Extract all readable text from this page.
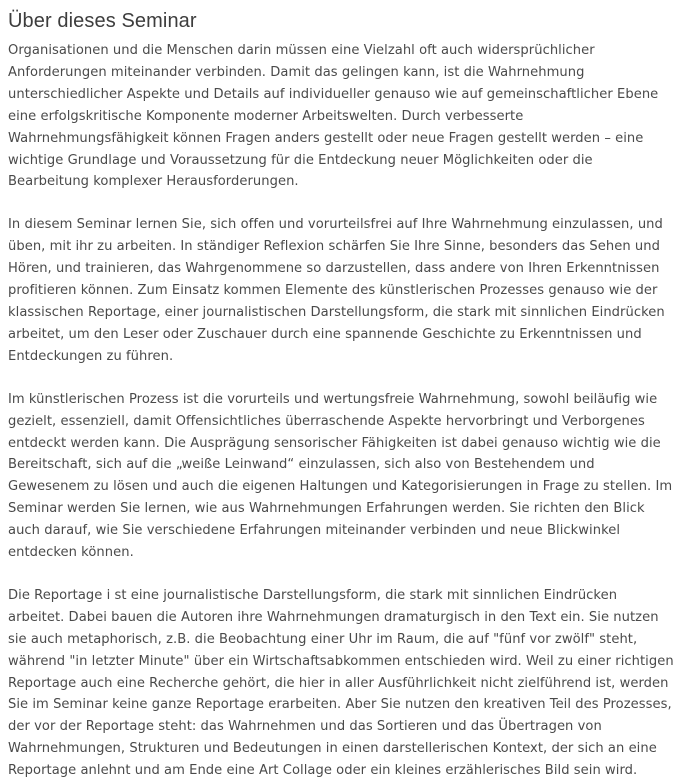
Über dieses Seminar

Organisationen und die Menschen darin müssen eine Vielzahl oft auch widersprüchlicher Anforderungen miteinander verbinden. Damit das gelingen kann, ist die Wahrnehmung unterschiedlicher Aspekte und Details auf individueller genauso wie auf gemeinschaftlicher Ebene eine erfolgskritische Komponente moderner Arbeitswelten. Durch verbesserte Wahrnehmungsfähigkeit können Fragen anders gestellt oder neue Fragen gestellt werden – eine wichtige Grundlage und Voraussetzung für die Entdeckung neuer Möglichkeiten oder die Bearbeitung komplexer Herausforderungen.

In diesem Seminar lernen Sie, sich offen und vorurteilsfrei auf Ihre Wahrnehmung einzulassen, und üben, mit ihr zu arbeiten. In ständiger Reflexion schärfen Sie Ihre Sinne, besonders das Sehen und Hören, und trainieren, das Wahrgenommene so darzustellen, dass andere von Ihren Erkenntnissen profitieren können. Zum Einsatz kommen Elemente des künstlerischen Prozesses genauso wie der klassischen Reportage, einer journalistischen Darstellungsform, die stark mit sinnlichen Eindrücken arbeitet, um den Leser oder Zuschauer durch eine spannende Geschichte zu Erkenntnissen und Entdeckungen zu führen.

Im künstlerischen Prozess ist die vorurteils und wertungsfreie Wahrnehmung, sowohl beiläufig wie gezielt, essenziell, damit Offensichtliches überraschende Aspekte hervorbringt und Verborgenes entdeckt werden kann. Die Ausprägung sensorischer Fähigkeiten ist dabei genauso wichtig wie die Bereitschaft, sich auf die „weiße Leinwand“ einzulassen, sich also von Bestehendem und Gewesenem zu lösen und auch die eigenen Haltungen und Kategorisierungen in Frage zu stellen. Im Seminar werden Sie lernen, wie aus Wahrnehmungen Erfahrungen werden. Sie richten den Blick auch darauf, wie Sie verschiedene Erfahrungen miteinander verbinden und neue Blickwinkel entdecken können.

Die Reportage i st eine journalistische Darstellungsform, die stark mit sinnlichen Eindrücken arbeitet. Dabei bauen die Autoren ihre Wahrnehmungen dramaturgisch in den Text ein. Sie nutzen sie auch metaphorisch, z.B. die Beobachtung einer Uhr im Raum, die auf "fünf vor zwölf" steht, während "in letzter Minute" über ein Wirtschaftsabkommen entschieden wird. Weil zu einer richtigen Reportage auch eine Recherche gehört, die hier in aller Ausführlichkeit nicht zielführend ist, werden Sie im Seminar keine ganze Reportage erarbeiten. Aber Sie nutzen den kreativen Teil des Prozesses, der vor der Reportage steht: das Wahrnehmen und das Sortieren und das Übertragen von Wahrnehmungen, Strukturen und Bedeutungen in einen darstellerischen Kontext, der sich an eine Reportage anlehnt und am Ende eine Art Collage oder ein kleines erzählerisches Bild sein wird.
